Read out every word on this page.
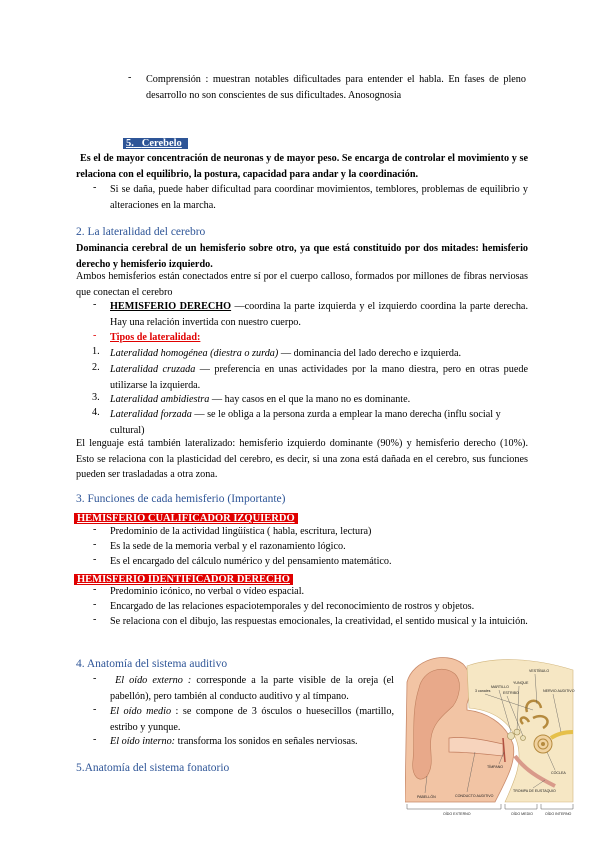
- Comprensión : muestran notables dificultades para entender el habla. En fases de pleno desarrollo no son conscientes de sus dificultades. Anosognosia
5. Cerebelo
Es el de mayor concentración de neuronas y de mayor peso. Se encarga de controlar el movimiento y se relaciona con el equilibrio, la postura, capacidad para andar y la coordinación.
- Si se daña, puede haber dificultad para coordinar movimientos, temblores, problemas de equilibrio y alteraciones en la marcha.
2. La lateralidad del cerebro
Dominancia cerebral de un hemisferio sobre otro, ya que está constituido por dos mitades: hemisferio derecho y hemisferio izquierdo.
Ambos hemisferios están conectados entre sí por el cuerpo calloso, formados por millones de fibras nerviosas que conectan el cerebro
- HEMISFERIO DERECHO —coordina la parte izquierda y el izquierdo coordina la parte derecha. Hay una relación invertida con nuestro cuerpo.
- Tipos de lateralidad:
1. Lateralidad homogénea (diestra o zurda) — dominancia del lado derecho e izquierda.
2. Lateralidad cruzada — preferencia en unas actividades por la mano diestra, pero en otras puede utilizarse la izquierda.
3. Lateralidad ambidiestra — hay casos en el que la mano no es dominante.
4. Lateralidad forzada — se le obliga a la persona zurda a emplear la mano derecha (influ social y cultural)
El lenguaje está también lateralizado: hemisferio izquierdo dominante (90%) y hemisferio derecho (10%). Esto se relaciona con la plasticidad del cerebro, es decir, si una zona está dañada en el cerebro, sus funciones pueden ser trasladadas a otra zona.
3. Funciones de cada hemisferio (Importante)
HEMISFERIO CUALIFICADOR IZQUIERDO
- Predominio de la actividad lingüística ( habla, escritura, lectura)
- Es la sede de la memoria verbal y el razonamiento lógico.
- Es el encargado del cálculo numérico y del pensamiento matemático.
HEMISFERIO IDENTIFICADOR DERECHO
- Predominio icónico, no verbal o vídeo espacial.
- Encargado de las relaciones espaciotemporales y del reconocimiento de rostros y objetos.
- Se relaciona con el dibujo, las respuestas emocionales, la creatividad, el sentido musical y la intuición.
4. Anatomía del sistema auditivo
-	El oído externo : corresponde a la parte visible de la oreja (el pabellón), pero también al conducto auditivo y al tímpano.
- El oído medio : se compone de 3 ósculos o huesecillos (martillo, estribo y yunque.
- El oído interno: transforma los sonidos en señales nerviosas.
5.Anatomía del sistema fonatorio
VESTÍBULO
YUNQUE
MARTILLO
ESTRIBO	NERVIO AUDITIVO
3 canales
TÍMPANO
TROMPA DE EUSTAQUIO
CÓCLEA
PABELLÓN	CONDUCTO AUDITIVO
OÍDO EXTERNO	OÍDO MEDIO	OÍDO INTERNO
